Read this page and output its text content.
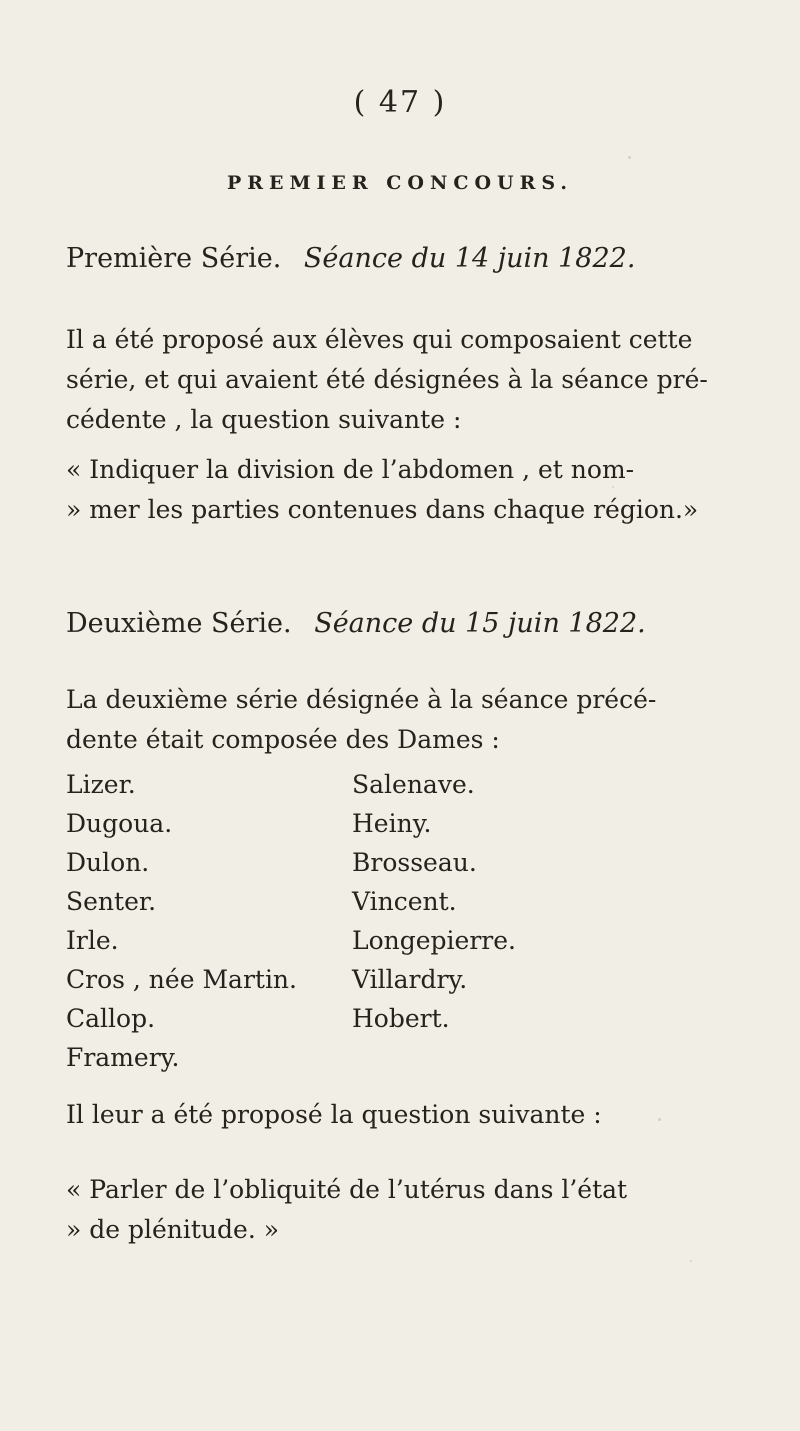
( 47 )
PREMIER CONCOURS.
Première Série. Séance du 14 juin 1822.
Il a été proposé aux élèves qui composaient cette
série, et qui avaient été désignées à la séance pré-
cédente , la question suivante :
« Indiquer la division de l’abdomen , et nom-
» mer les parties contenues dans chaque région.»
Deuxième Série. Séance du 15 juin 1822.
La deuxième série désignée à la séance précé-
dente était composée des Dames :
Lizer.
Dugoua.
Dulon.
Senter.
Irle.
Cros , née Martin.
Callop.
Framery.
Salenave.
Heiny.
Brosseau.
Vincent.
Longepierre.
Villardry.
Hobert.
Il leur a été proposé la question suivante :
« Parler de l’obliquité de l’utérus dans l’état
» de plénitude. »
